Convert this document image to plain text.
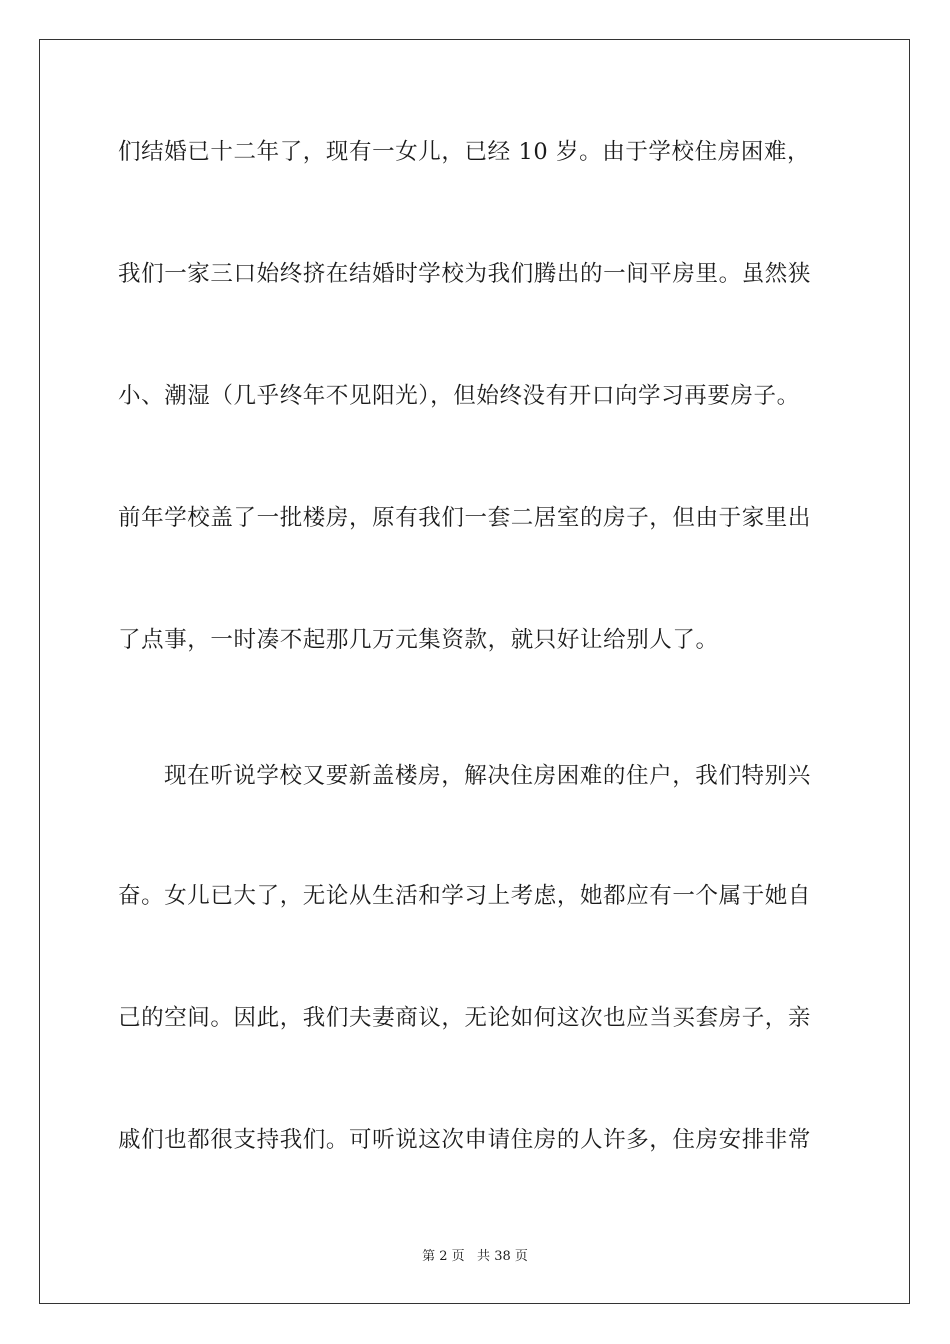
们结婚已十二年了，现有一女儿，已经 10 岁。由于学校住房困难，
我们一家三口始终挤在结婚时学校为我们腾出的一间平房里。虽然狭
小、潮湿（几乎终年不见阳光），但始终没有开口向学习再要房子。
前年学校盖了一批楼房，原有我们一套二居室的房子，但由于家里出
了点事，一时凑不起那几万元集资款，就只好让给别人了。
现在听说学校又要新盖楼房，解决住房困难的住户，我们特别兴
奋。女儿已大了，无论从生活和学习上考虑，她都应有一个属于她自
己的空间。因此，我们夫妻商议，无论如何这次也应当买套房子，亲
戚们也都很支持我们。可听说这次申请住房的人许多，住房安排非常
第 2 页   共 38 页
